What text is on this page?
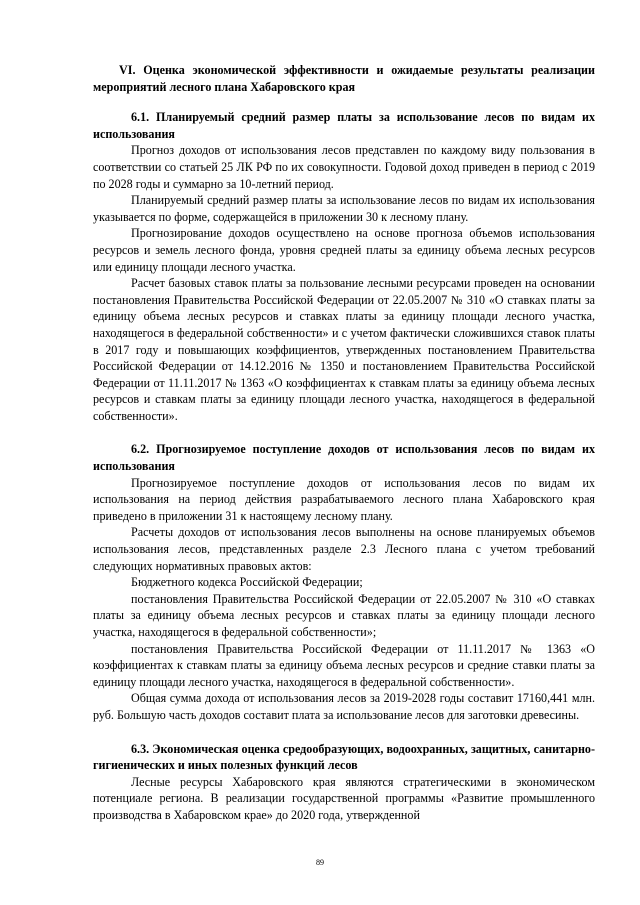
VI. Оценка экономической эффективности и ожидаемые результаты реализации мероприятий лесного плана Хабаровского края

6.1. Планируемый средний размер платы за использование лесов по видам их использования

Прогноз доходов от использования лесов представлен по каждому виду пользования в соответствии со статьей 25 ЛК РФ по их совокупности. Годовой доход приведен в период с 2019 по 2028 годы и суммарно за 10-летний период.

Планируемый средний размер платы за использование лесов по видам их использования указывается по форме, содержащейся в приложении 30 к лесному плану.

Прогнозирование доходов осуществлено на основе прогноза объемов использования ресурсов и земель лесного фонда, уровня средней платы за единицу объема лесных ресурсов или единицу площади лесного участка.

Расчет базовых ставок платы за пользование лесными ресурсами проведен на основании постановления Правительства Российской Федерации от 22.05.2007 № 310 «О ставках платы за единицу объема лесных ресурсов и ставках платы за единицу площади лесного участка, находящегося в федеральной собственности» и с учетом фактически сложившихся ставок платы в 2017 году и повышающих коэффициентов, утвержденных постановлением Правительства Российской Федерации от 14.12.2016 № 1350 и постановлением Правительства Российской Федерации от 11.11.2017 № 1363 «О коэффициентах к ставкам платы за единицу объема лесных ресурсов и ставкам платы за единицу площади лесного участка, находящегося в федеральной собственности».

6.2. Прогнозируемое поступление доходов от использования лесов по видам их использования

Прогнозируемое поступление доходов от использования лесов по видам их использования на период действия разрабатываемого лесного плана Хабаровского края приведено в приложении 31 к настоящему лесному плану.

Расчеты доходов от использования лесов выполнены на основе планируемых объемов использования лесов, представленных разделе 2.3 Лесного плана с учетом требований следующих нормативных правовых актов:

Бюджетного кодекса Российской Федерации;

постановления Правительства Российской Федерации от 22.05.2007 № 310 «О ставках платы за единицу объема лесных ресурсов и ставках платы за единицу площади лесного участка, находящегося в федеральной собственности»;

постановления Правительства Российской Федерации от 11.11.2017 № 1363 «О коэффициентах к ставкам платы за единицу объема лесных ресурсов и средние ставки платы за единицу площади лесного участка, находящегося в федеральной собственности».

Общая сумма дохода от использования лесов за 2019-2028 годы составит 17160,441 млн. руб. Большую часть доходов составит плата за использование лесов для заготовки древесины.

6.3. Экономическая оценка средообразующих, водоохранных, защитных, санитарно-гигиенических и иных полезных функций лесов

Лесные ресурсы Хабаровского края являются стратегическими в экономическом потенциале региона. В реализации государственной программы «Развитие промышленного производства в Хабаровском крае» до 2020 года, утвержденной

89
